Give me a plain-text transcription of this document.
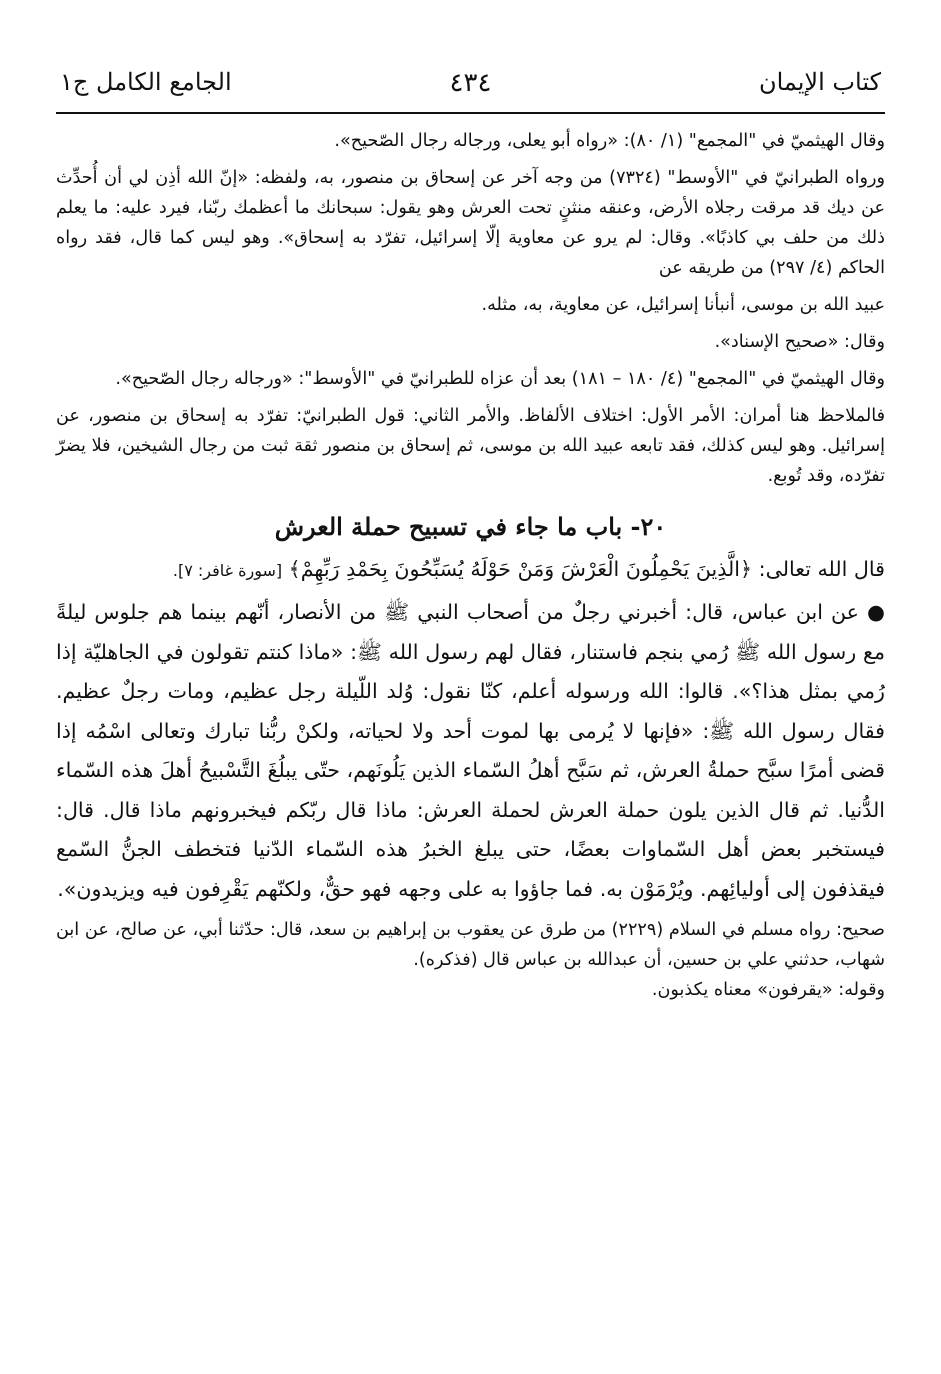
كتاب الإيمان
٤٣٤
الجامع الكامل ج١

وقال الهيثميّ في "المجمع" (١/ ٨٠): «رواه أبو يعلى، ورجاله رجال الصّحيح».

ورواه الطبرانيّ في "الأوسط" (٧٣٢٤) من وجه آخر عن إسحاق بن منصور، به، ولفظه: «إنّ الله أذِن لي أن أُحدِّث عن ديك قد مرقت رجلاه الأرض، وعنقه منثنٍ تحت العرش وهو يقول: سبحانك ما أعظمك ربّنا، فيرد عليه: ما يعلم ذلك من حلف بي كاذبًا». وقال: لم يرو عن معاوية إلّا إسرائيل، تفرّد به إسحاق». وهو ليس كما قال، فقد رواه الحاكم (٤/ ٢٩٧) من طريقه عن

عبيد الله بن موسى، أنبأنا إسرائيل، عن معاوية، به، مثله.

وقال: «صحيح الإسناد».

وقال الهيثميّ في "المجمع" (٤/ ١٨٠ – ١٨١) بعد أن عزاه للطبرانيّ في "الأوسط": «ورجاله رجال الصّحيح».

فالملاحظ هنا أمران: الأمر الأول: اختلاف الألفاظ. والأمر الثاني: قول الطبرانيّ: تفرّد به إسحاق بن منصور، عن إسرائيل. وهو ليس كذلك، فقد تابعه عبيد الله بن موسى، ثم إسحاق بن منصور ثقة ثبت من رجال الشيخين، فلا يضرّ تفرّده، وقد تُوبع.

٢٠- باب ما جاء في تسبيح حملة العرش

قال الله تعالى: ﴿الَّذِينَ يَحْمِلُونَ الْعَرْشَ وَمَنْ حَوْلَهُ يُسَبِّحُونَ بِحَمْدِ رَبِّهِمْ﴾ [سورة غافر: ٧].

● عن ابن عباس، قال: أخبرني رجلٌ من أصحاب النبي ﷺ من الأنصار، أنّهم بينما هم جلوس ليلةً مع رسول الله ﷺ رُمي بنجم فاستنار، فقال لهم رسول الله ﷺ: «ماذا كنتم تقولون في الجاهليّة إذا رُمي بمثل هذا؟». قالوا: الله ورسوله أعلم، كنّا نقول: وُلد اللّيلة رجل عظيم، ومات رجلٌ عظيم. فقال رسول الله ﷺ: «فإنها لا يُرمى بها لموت أحد ولا لحياته، ولكنْ ربُّنا تبارك وتعالى اسْمُه إذا قضى أمرًا سبَّح حملةُ العرش، ثم سَبَّح أهلُ السّماء الذين يَلُونَهم، حتّى يبلُغَ التَّسْبيحُ أهلَ هذه السّماء الدُّنيا. ثم قال الذين يلون حملة العرش لحملة العرش: ماذا قال ربّكم فيخبرونهم ماذا قال. قال: فيستخبر بعض أهل السّماوات بعضًا، حتى يبلغ الخبرُ هذه السّماء الدّنيا فتخطف الجنُّ السّمع فيقذفون إلى أوليائِهم. ويُرْمَوْن به. فما جاؤوا به على وجهه فهو حقٌّ، ولكنّهم يَقْرِفون فيه ويزيدون».

صحيح: رواه مسلم في السلام (٢٢٢٩) من طرق عن يعقوب بن إبراهيم بن سعد، قال: حدّثنا أبي، عن صالح، عن ابن شهاب، حدثني علي بن حسين، أن عبدالله بن عباس قال (فذكره).

وقوله: «يقرفون» معناه يكذبون.
